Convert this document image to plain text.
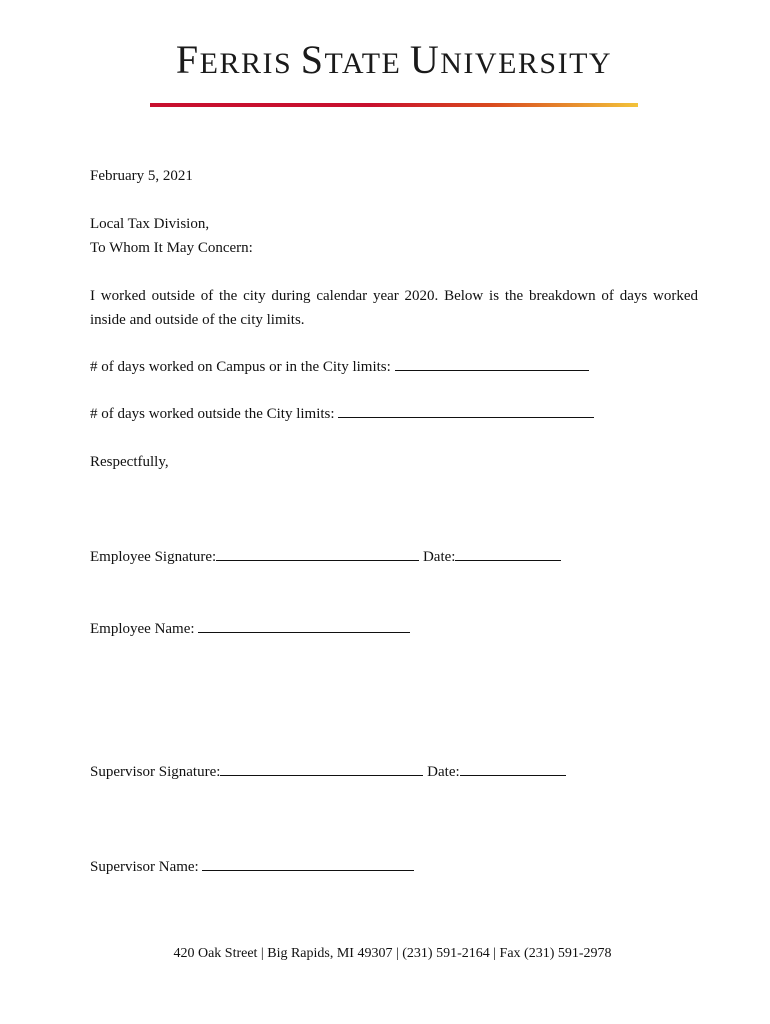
FERRIS STATE UNIVERSITY
February 5, 2021
Local Tax Division,
To Whom It May Concern:
I worked outside of the city during calendar year 2020. Below is the breakdown of days worked inside and outside of the city limits.
# of days worked on Campus or in the City limits:
# of days worked outside the City limits:
Respectfully,
Employee Signature:	Date:
Employee Name:
Supervisor Signature:	Date:
Supervisor Name:
420 Oak Street | Big Rapids, MI 49307 | (231) 591-2164 | Fax (231) 591-2978
